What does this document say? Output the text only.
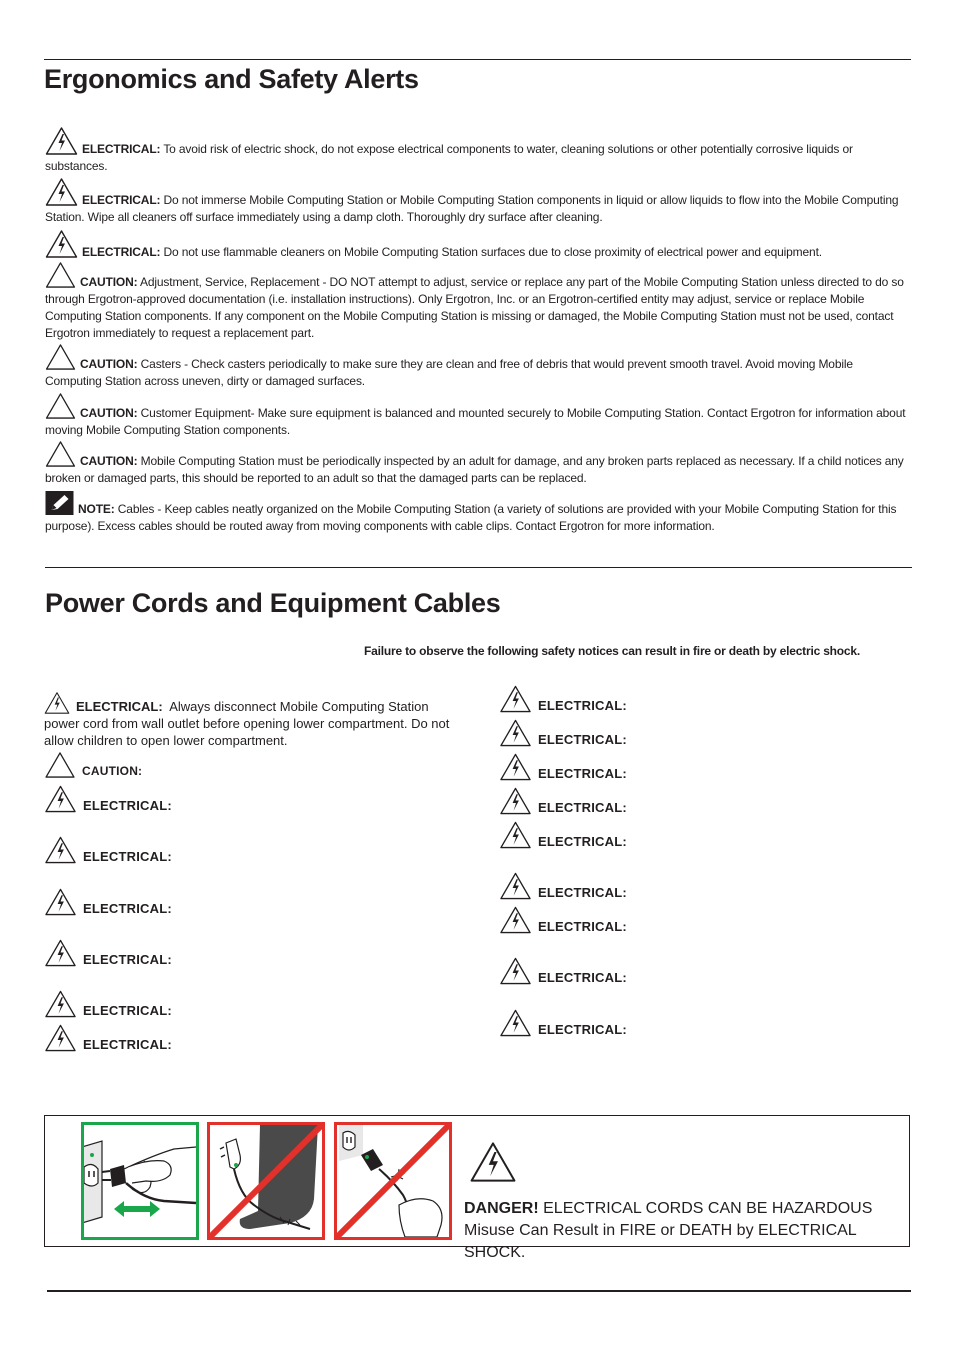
Ergonomics and Safety Alerts
ELECTRICAL: To avoid risk of electric shock, do not expose electrical components to water, cleaning solutions or other potentially corrosive liquids or substances.
ELECTRICAL: Do not immerse Mobile Computing Station or Mobile Computing Station components in liquid or allow liquids to flow into the Mobile Computing Station. Wipe all cleaners off surface immediately using a damp cloth. Thoroughly dry surface after cleaning.
ELECTRICAL: Do not use flammable cleaners on Mobile Computing Station surfaces due to close proximity of electrical power and equipment.
CAUTION: Adjustment, Service, Replacement - DO NOT attempt to adjust, service or replace any part of the Mobile Computing Station unless directed to do so through Ergotron-approved documentation (i.e. installation instructions). Only Ergotron, Inc. or an Ergotron-certified entity may adjust, service or replace Mobile Computing Station components. If any component on the Mobile Computing Station is missing or damaged, the Mobile Computing Station must not be used, contact Ergotron immediately to request a replacement part.
CAUTION: Casters - Check casters periodically to make sure they are clean and free of debris that would prevent smooth travel. Avoid moving Mobile Computing Station across uneven, dirty or damaged surfaces.
CAUTION: Customer Equipment- Make sure equipment is balanced and mounted securely to Mobile Computing Station. Contact Ergotron for information about moving Mobile Computing Station components.
CAUTION: Mobile Computing Station must be periodically inspected by an adult for damage, and any broken parts replaced as necessary. If a child notices any broken or damaged parts, this should be reported to an adult so that the damaged parts can be replaced.
NOTE: Cables - Keep cables neatly organized on the Mobile Computing Station (a variety of solutions are provided with your Mobile Computing Station for this purpose). Excess cables should be routed away from moving components with cable clips. Contact Ergotron for more information.
Power Cords and Equipment Cables
Failure to observe the following safety notices can result in fire or death by electric shock.
ELECTRICAL: Always disconnect Mobile Computing Station power cord from wall outlet before opening lower compartment. Do not allow children to open lower compartment.
CAUTION:
ELECTRICAL:
ELECTRICAL:
ELECTRICAL:
ELECTRICAL:
ELECTRICAL:
ELECTRICAL:
ELECTRICAL:
ELECTRICAL:
ELECTRICAL:
ELECTRICAL:
ELECTRICAL:
ELECTRICAL:
ELECTRICAL:
ELECTRICAL:
ELECTRICAL:
DANGER! ELECTRICAL CORDS CAN BE HAZARDOUS
Misuse Can Result in FIRE or DEATH by ELECTRICAL SHOCK.
